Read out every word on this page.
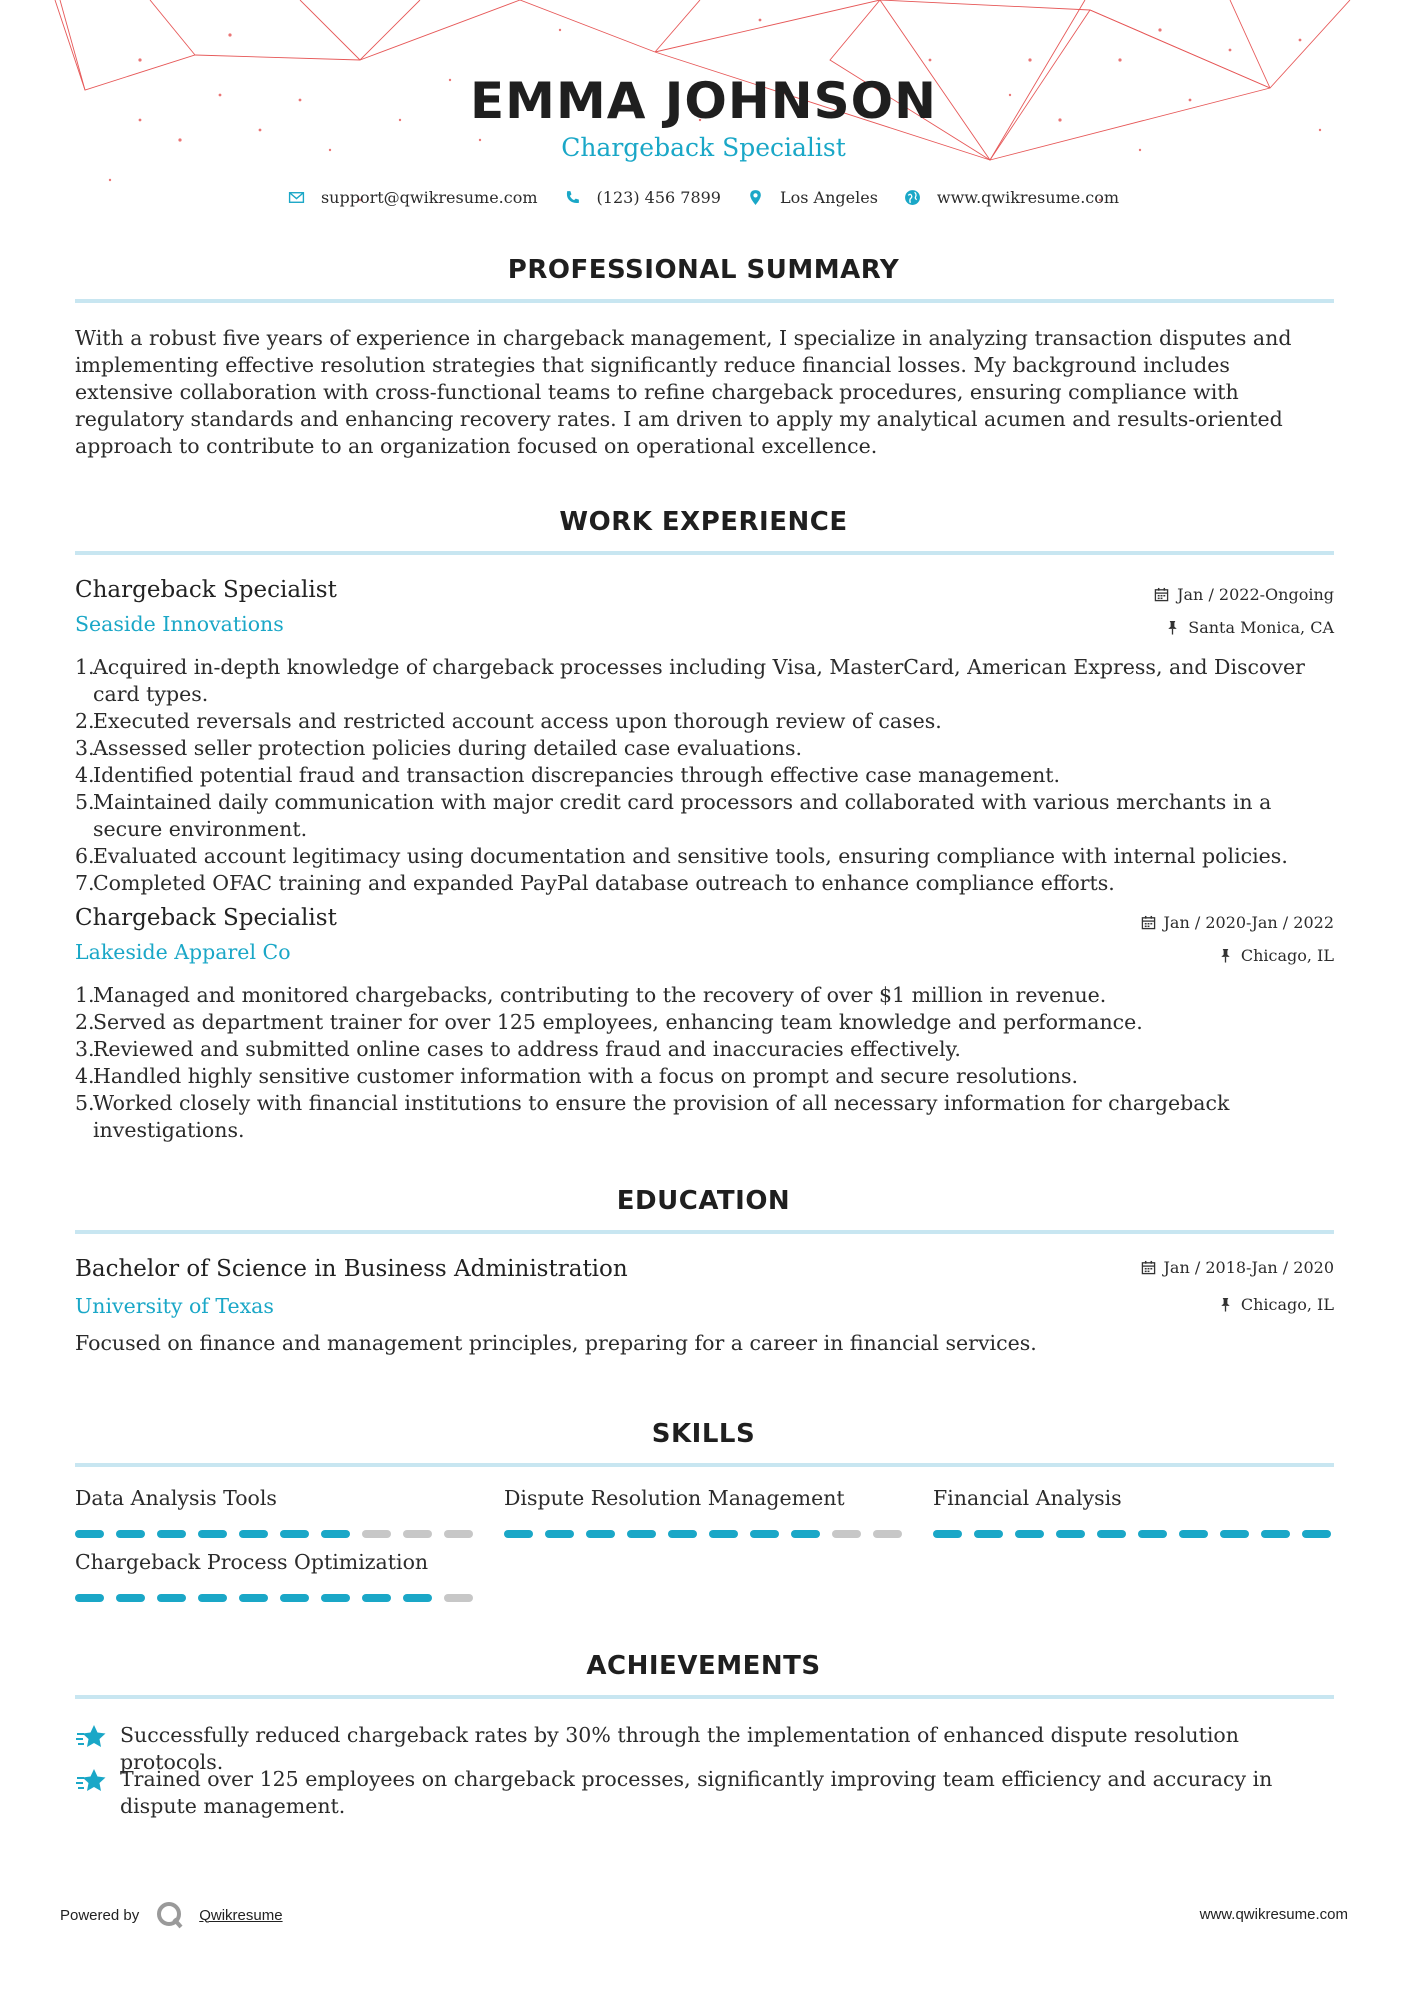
EMMA JOHNSON
Chargeback Specialist
support@qwikresume.com	(123) 456 7899	Los Angeles	www.qwikresume.com
PROFESSIONAL SUMMARY
With a robust five years of experience in chargeback management, I specialize in analyzing transaction disputes and implementing effective resolution strategies that significantly reduce financial losses. My background includes extensive collaboration with cross-functional teams to refine chargeback procedures, ensuring compliance with regulatory standards and enhancing recovery rates. I am driven to apply my analytical acumen and results-oriented approach to contribute to an organization focused on operational excellence.
WORK EXPERIENCE
Chargeback Specialist
Seaside Innovations
Jan / 2022-Ongoing
Santa Monica, CA
1.
Acquired in-depth knowledge of chargeback processes including Visa, MasterCard, American Express, and Discover card types.
2.
Executed reversals and restricted account access upon thorough review of cases.
3.
Assessed seller protection policies during detailed case evaluations.
4.
Identified potential fraud and transaction discrepancies through effective case management.
5.
Maintained daily communication with major credit card processors and collaborated with various merchants in a secure environment.
6.
Evaluated account legitimacy using documentation and sensitive tools, ensuring compliance with internal policies.
7.
Completed OFAC training and expanded PayPal database outreach to enhance compliance efforts.
Chargeback Specialist
Lakeside Apparel Co
Jan / 2020-Jan / 2022
Chicago, IL
1.
Managed and monitored chargebacks, contributing to the recovery of over $1 million in revenue.
2.
Served as department trainer for over 125 employees, enhancing team knowledge and performance.
3.
Reviewed and submitted online cases to address fraud and inaccuracies effectively.
4.
Handled highly sensitive customer information with a focus on prompt and secure resolutions.
5.
Worked closely with financial institutions to ensure the provision of all necessary information for chargeback investigations.
EDUCATION
Bachelor of Science in Business Administration
University of Texas
Jan / 2018-Jan / 2020
Chicago, IL
Focused on finance and management principles, preparing for a career in financial services.
SKILLS
Data Analysis Tools	Dispute Resolution Management	Financial Analysis
Chargeback Process Optimization
ACHIEVEMENTS
Successfully reduced chargeback rates by 30% through the implementation of enhanced dispute resolution protocols.
Trained over 125 employees on chargeback processes, significantly improving team efficiency and accuracy in dispute management.
Powered by	Qwikresume	www.qwikresume.com
